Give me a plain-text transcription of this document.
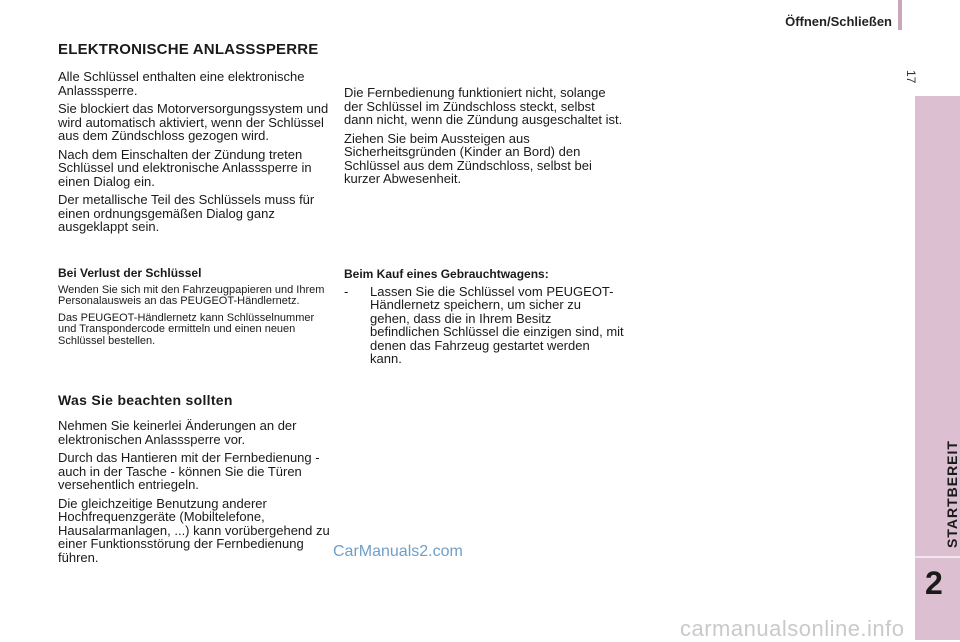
Öffnen/Schließen
17
STARTBEREIT
2
ELEKTRONISCHE ANLASSSPERRE

Alle Schlüssel enthalten eine elektronische Anlasssperre.

Sie blockiert das Motorversorgungssystem und wird automatisch aktiviert, wenn der Schlüssel aus dem Zündschloss gezogen wird.

Nach dem Einschalten der Zündung treten Schlüssel und elektronische Anlasssperre in einen Dialog ein.

Der metallische Teil des Schlüssels muss für einen ordnungsgemäßen Dialog ganz ausgeklappt sein.

Die Fernbedienung funktioniert nicht, solange der Schlüssel im Zündschloss steckt, selbst dann nicht, wenn die Zündung ausgeschaltet ist.

Ziehen Sie beim Aussteigen aus Sicherheitsgründen (Kinder an Bord) den Schlüssel aus dem Zündschloss, selbst bei kurzer Abwesenheit.

Bei Verlust der Schlüssel

Wenden Sie sich mit den Fahrzeugpapieren und Ihrem Personalausweis an das PEUGEOT-Händlernetz.

Das PEUGEOT-Händlernetz kann Schlüsselnummer und Transpondercode ermitteln und einen neuen Schlüssel bestellen.

Beim Kauf eines Gebrauchtwagens:
-	Lassen Sie die Schlüssel vom PEUGEOT-Händlernetz speichern, um sicher zu gehen, dass die in Ihrem Besitz befindlichen Schlüssel die einzigen sind, mit denen das Fahrzeug gestartet werden kann.
Was Sie beachten sollten

Nehmen Sie keinerlei Änderungen an der elektronischen Anlasssperre vor.

Durch das Hantieren mit der Fernbedienung - auch in der Tasche - können Sie die Türen versehentlich entriegeln.

Die gleichzeitige Benutzung anderer Hochfrequenzgeräte (Mobiltelefone, Hausalarmanlagen, ...) kann vorübergehend zu einer Funktionsstörung der Fernbedienung führen.	CarManuals2.com
carmanualsonline.info
